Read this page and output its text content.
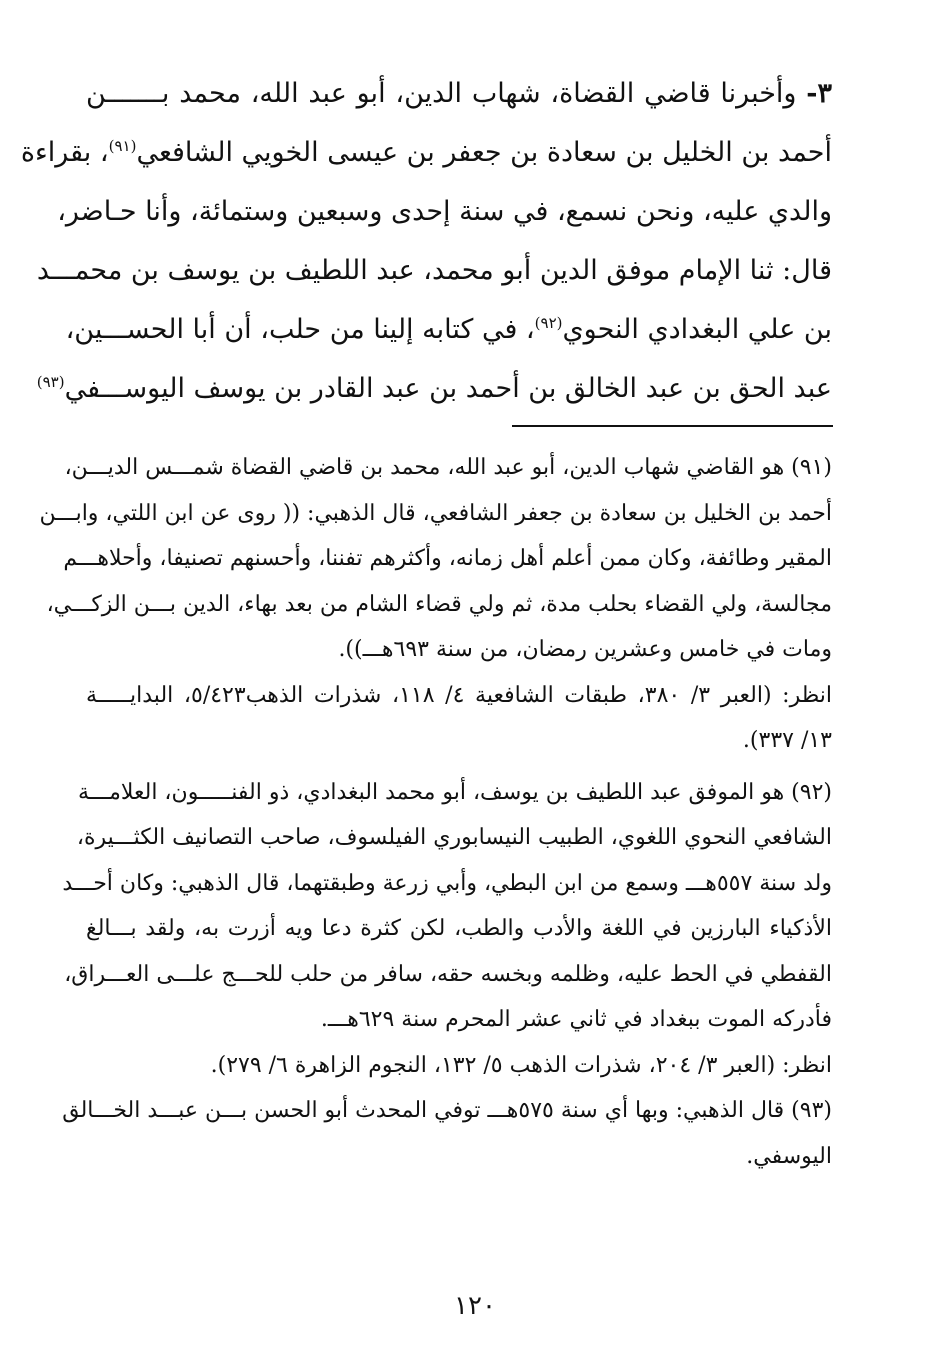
٣- وأخبرنا قاضي القضاة، شهاب الدين، أبو عبد الله، محمد بـــــــن
أحمد بن الخليل بن سعادة بن جعفر بن عيسى الخويي الشافعي$^{(٩١)}$، بقراءة
والدي عليه، ونحن نسمع، في سنة إحدى وسبعين وستمائة، وأنا حـاضر،
قال: ثنا الإمام موفق الدين أبو محمد، عبد اللطيف بن يوسف بن محمـــد
بن علي البغدادي النحوي$^{(٩٢)}$، في كتابه إلينا من حلب، أن أبا الحســـين،
عبد الحق بن عبد الخالق بن أحمد بن عبد القادر بن يوسف اليوســـفي$^{(٩٣)}$
(٩١) هو القاضي شهاب الدين، أبو عبد الله، محمد بن قاضي القضاة شمـــس الديـــن،
أحمد بن الخليل بن سعادة بن جعفر الشافعي، قال الذهبي: (( روى عن ابن اللتي، وابـــن
المقير وطائفة، وكان ممن أعلم أهل زمانه، وأكثرهم تفننا، وأحسنهم تصنيفا، وأحلاهـــم
مجالسة، ولي القضاء بحلب مدة، ثم ولي قضاء الشام من بعد بهاء، الدين بـــن الزكـــي،
ومات في خامس وعشرين رمضان، من سنة ٦٩٣هـــ)).
انظر: (العبر ٣/ ٣٨٠، طبقات الشافعية ٤/ ١١٨، شذرات الذهب٥/٤٢٣، البدايـــــة
١٣/ ٣٣٧).
(٩٢) هو الموفق عبد اللطيف بن يوسف، أبو محمد البغدادي، ذو الفنـــــون، العلامـــة
الشافعي النحوي اللغوي، الطبيب النيسابوري الفيلسوف، صاحب التصانيف الكثـــيرة،
ولد سنة ٥٥٧هـــ وسمع من ابن البطي، وأبي زرعة وطبقتهما، قال الذهبي: وكان أحـــد
الأذكياء البارزين في اللغة والأدب والطب، لكن كثرة دعا ويه أزرت به، ولقد بـــالغ
القفطي في الحط عليه، وظلمه وبخسه حقه، سافر من حلب للحـــج علـــى العـــراق،
فأدركه الموت ببغداد في ثاني عشر المحرم سنة ٦٢٩هـــ.
انظر: (العبر ٣/ ٢٠٤، شذرات الذهب ٥/ ١٣٢، النجوم الزاهرة ٦/ ٢٧٩).
(٩٣) قال الذهبي: وبها أي سنة ٥٧٥هـــ توفي المحدث أبو الحسن بـــن عبـــد الخـــالق
اليوسفي.
١٢٠
